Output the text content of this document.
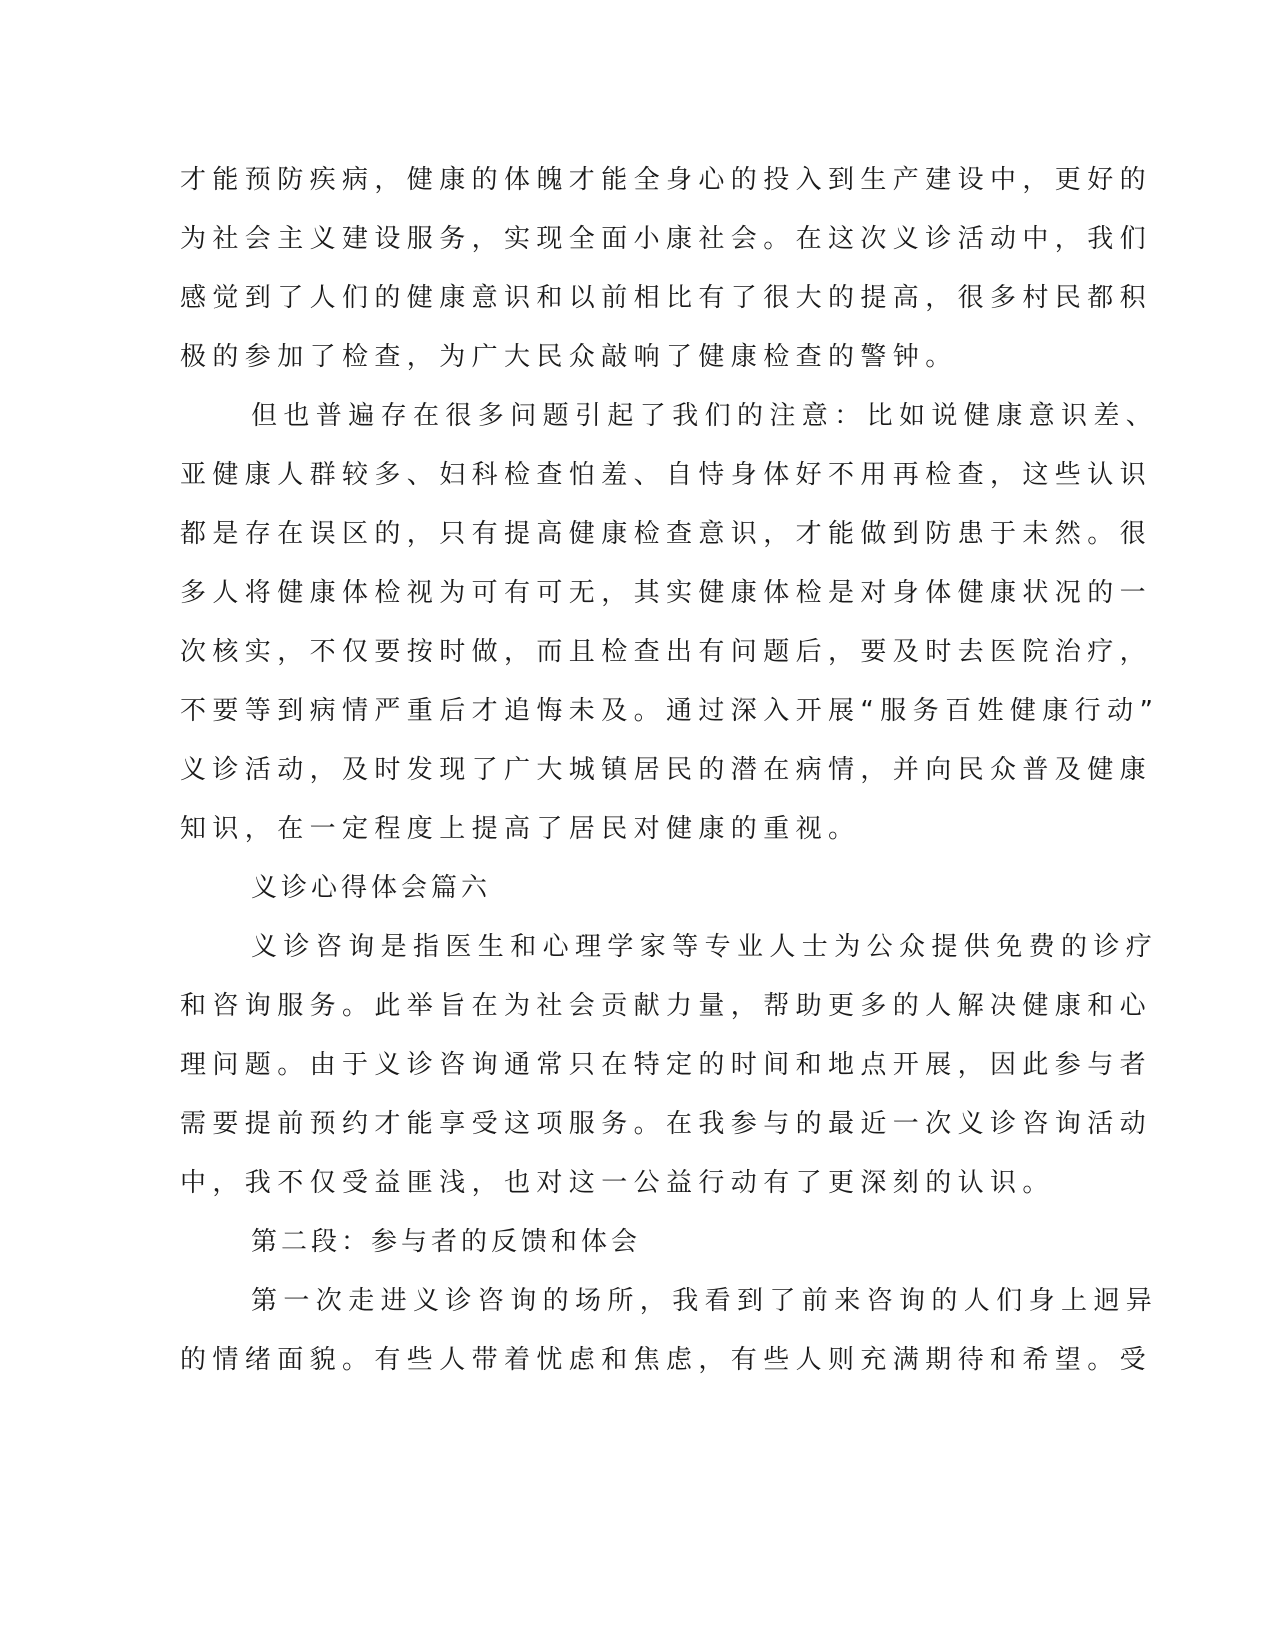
才能预防疾病，健康的体魄才能全身心的投入到生产建设中，更好的
为社会主义建设服务，实现全面小康社会。在这次义诊活动中，我们
感觉到了人们的健康意识和以前相比有了很大的提高，很多村民都积
极的参加了检查，为广大民众敲响了健康检查的警钟。
但也普遍存在很多问题引起了我们的注意：比如说健康意识差、
亚健康人群较多、妇科检查怕羞、自恃身体好不用再检查，这些认识
都是存在误区的，只有提高健康检查意识，才能做到防患于未然。很
多人将健康体检视为可有可无，其实健康体检是对身体健康状况的一
次核实，不仅要按时做，而且检查出有问题后，要及时去医院治疗，
不要等到病情严重后才追悔未及。通过深入开展“服务百姓健康行动”
义诊活动，及时发现了广大城镇居民的潜在病情，并向民众普及健康
知识，在一定程度上提高了居民对健康的重视。
义诊心得体会篇六
义诊咨询是指医生和心理学家等专业人士为公众提供免费的诊疗
和咨询服务。此举旨在为社会贡献力量，帮助更多的人解决健康和心
理问题。由于义诊咨询通常只在特定的时间和地点开展，因此参与者
需要提前预约才能享受这项服务。在我参与的最近一次义诊咨询活动
中，我不仅受益匪浅，也对这一公益行动有了更深刻的认识。
第二段：参与者的反馈和体会
第一次走进义诊咨询的场所，我看到了前来咨询的人们身上迥异
的情绪面貌。有些人带着忧虑和焦虑，有些人则充满期待和希望。受
